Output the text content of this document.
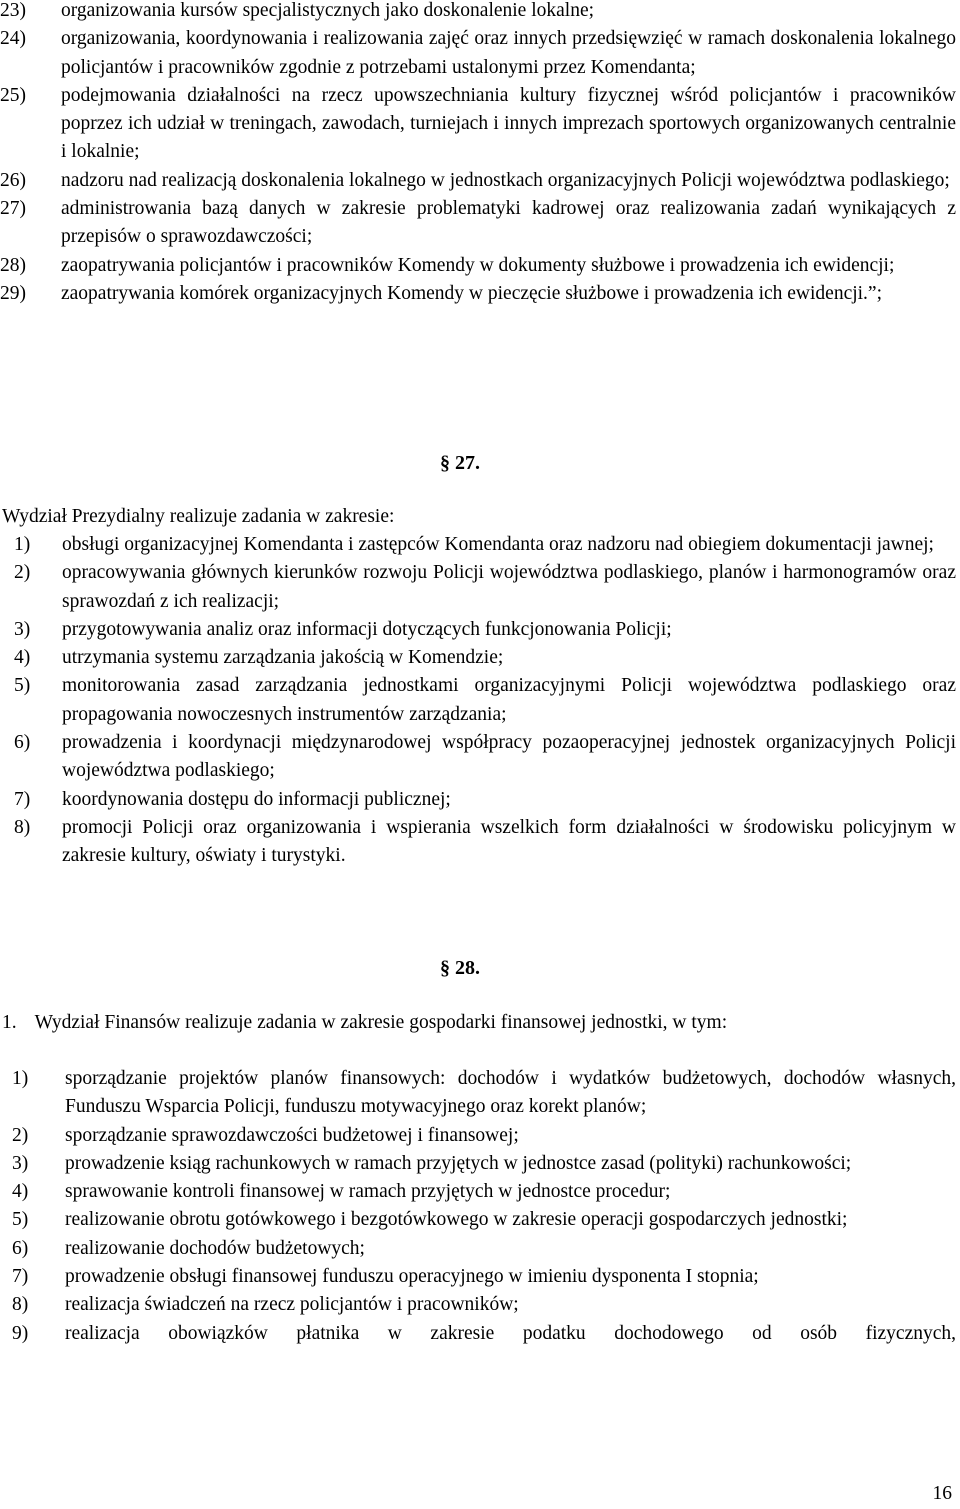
23)	organizowania kursów specjalistycznych jako doskonalenie lokalne;
24)	organizowania, koordynowania i realizowania zajęć oraz innych przedsięwzięć w ramach doskonalenia lokalnego policjantów i pracowników zgodnie z potrzebami ustalonymi przez Komendanta;
25)	podejmowania działalności na rzecz upowszechniania kultury fizycznej wśród policjantów i pracowników poprzez ich udział w treningach, zawodach, turniejach i innych imprezach sportowych organizowanych centralnie i lokalnie;
26)	nadzoru nad realizacją doskonalenia lokalnego w jednostkach organizacyjnych Policji województwa podlaskiego;
27)	administrowania bazą danych w zakresie problematyki kadrowej oraz realizowania zadań wynikających z przepisów o sprawozdawczości;
28)	zaopatrywania policjantów i pracowników Komendy w dokumenty służbowe i prowadzenia ich ewidencji;
29)	zaopatrywania komórek organizacyjnych Komendy w pieczęcie służbowe i prowadzenia ich ewidencji.”;
§ 27.

Wydział Prezydialny realizuje zadania w zakresie:

1)	obsługi organizacyjnej Komendanta i zastępców Komendanta oraz nadzoru nad obiegiem dokumentacji jawnej;
2)	opracowywania głównych kierunków rozwoju Policji województwa podlaskiego, planów i harmonogramów oraz sprawozdań z ich realizacji;
3)	przygotowywania analiz oraz informacji dotyczących funkcjonowania Policji;
4)	utrzymania systemu zarządzania jakością w Komendzie;
5)	monitorowania zasad zarządzania jednostkami organizacyjnymi Policji województwa podlaskiego oraz propagowania nowoczesnych instrumentów zarządzania;
6)	prowadzenia i koordynacji międzynarodowej współpracy pozaoperacyjnej jednostek organizacyjnych Policji województwa podlaskiego;
7)	koordynowania dostępu do informacji publicznej;
8)	promocji Policji oraz organizowania i wspierania wszelkich form działalności w środowisku policyjnym w zakresie kultury, oświaty i turystyki.
§ 28.

1. Wydział Finansów realizuje zadania w zakresie gospodarki finansowej jednostki, w tym:

1)	sporządzanie projektów planów finansowych: dochodów i wydatków budżetowych, dochodów własnych, Funduszu Wsparcia Policji, funduszu motywacyjnego oraz korekt planów;
2)	sporządzanie sprawozdawczości budżetowej i finansowej;
3)	prowadzenie ksiąg rachunkowych w ramach przyjętych w jednostce zasad (polityki) rachunkowości;
4)	sprawowanie kontroli finansowej w ramach przyjętych w jednostce procedur;
5)	realizowanie obrotu gotówkowego i bezgotówkowego w zakresie operacji gospodarczych jednostki;
6)	realizowanie dochodów budżetowych;
7)	prowadzenie obsługi finansowej funduszu operacyjnego w imieniu dysponenta I stopnia;
8)	realizacja świadczeń na rzecz policjantów i pracowników;
9)	realizacja obowiązków płatnika w zakresie podatku dochodowego od osób fizycznych,
16
